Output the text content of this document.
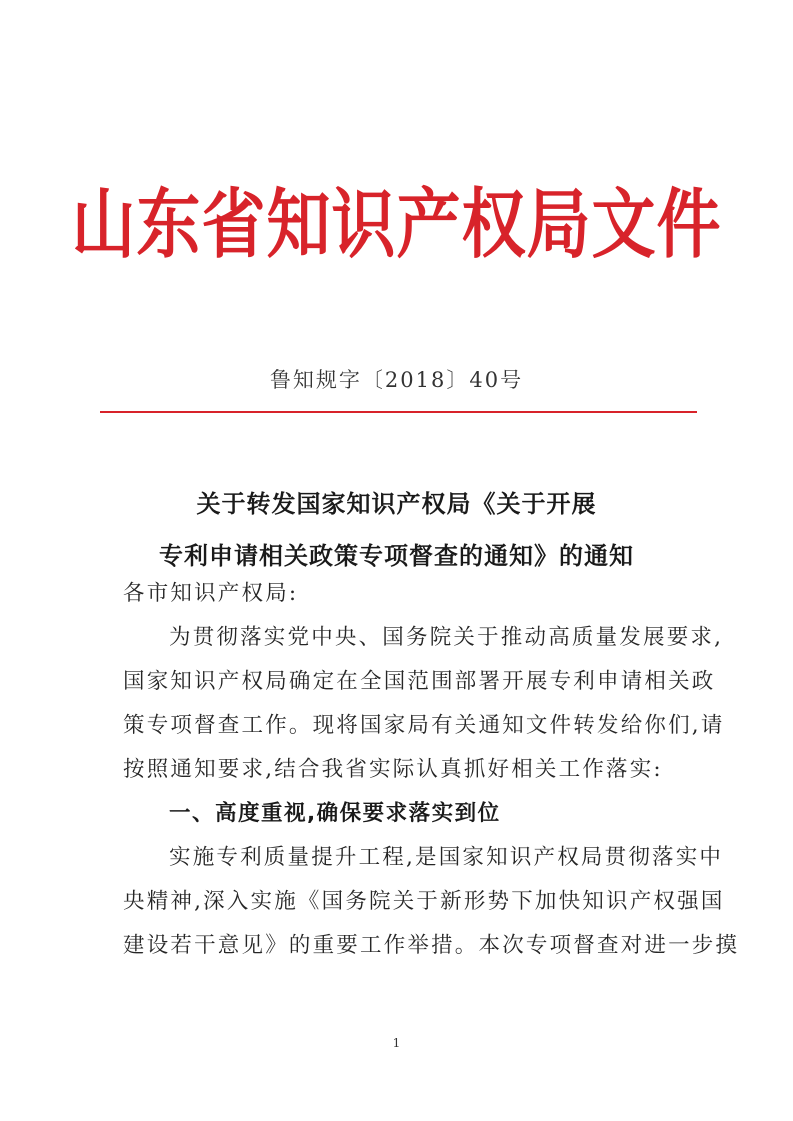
山东省知识产权局文件
鲁知规字〔2018〕40号
关于转发国家知识产权局《关于开展
专利申请相关政策专项督查的通知》的通知

各市知识产权局:

为贯彻落实党中央、国务院关于推动高质量发展要求,

国家知识产权局确定在全国范围部署开展专利申请相关政

策专项督查工作。现将国家局有关通知文件转发给你们,请

按照通知要求,结合我省实际认真抓好相关工作落实:

一、高度重视,确保要求落实到位

实施专利质量提升工程,是国家知识产权局贯彻落实中

央精神,深入实施《国务院关于新形势下加快知识产权强国

建设若干意见》的重要工作举措。本次专项督查对进一步摸

1
